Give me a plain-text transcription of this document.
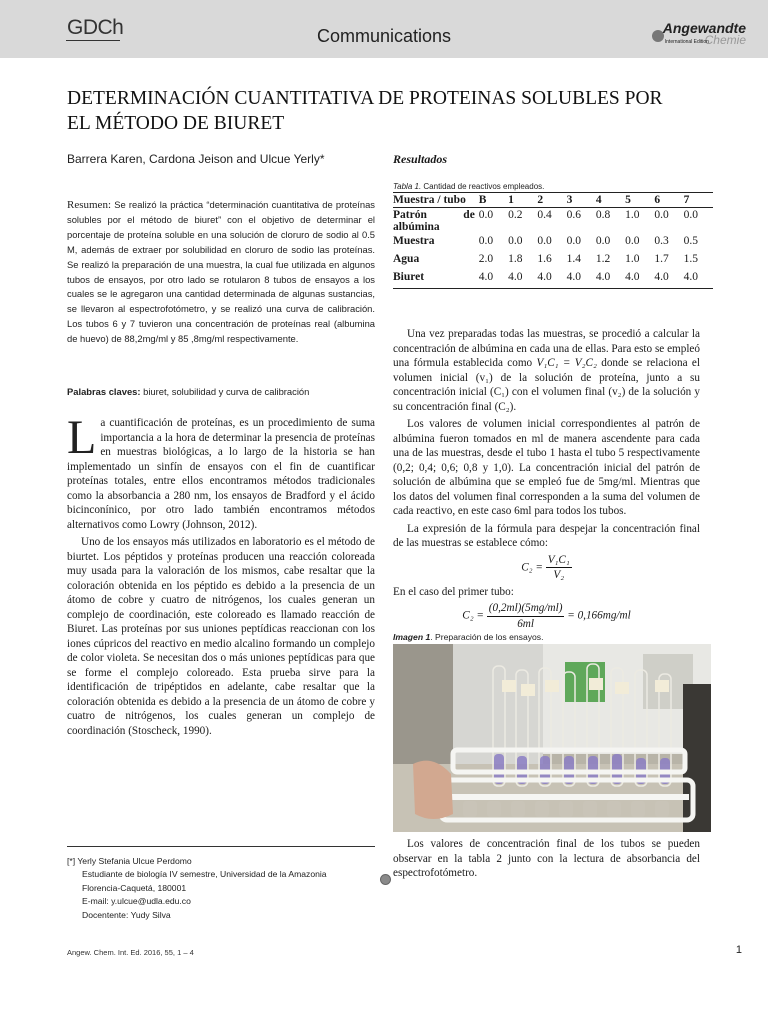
GDCh	Communications	Angewandte
International Edition
Chemie
DETERMINACIÓN CUANTITATIVA DE PROTEINAS SOLUBLES POR
EL MÉTODO DE BIURET
Barrera Karen, Cardona Jeison and Ulcue Yerly*
Resumen: Se realizó la práctica “determinación cuantitativa de proteínas solubles por el método de biuret” con el objetivo de determinar el porcentaje de proteína soluble en una solución de cloruro de sodio al 0.5 M, además de extraer por solubilidad en cloruro de sodio las proteínas. Se realizó la preparación de una muestra, la cual fue utilizada en algunos tubos de ensayos, por otro lado se rotularon 8 tubos de ensayos a los cuales se le agregaron una cantidad determinada de algunas sustancias, se llevaron al espectrofotómetro, y se realizó una curva de calibración. Los tubos 6 y 7 tuvieron una concentración de proteínas real (albumina de huevo) de 88,2mg/ml y 85 ,8mg/ml respectivamente.
Palabras claves: biuret, solubilidad y curva de calibración
L a cuantificación de proteínas, es un procedimiento de suma importancia a la hora de determinar la presencia de proteínas en muestras biológicas, a lo largo de la historia se han implementado un sinfín de ensayos con el fin de cuantificar proteínas totales, entre ellos encontramos métodos tradicionales como la absorbancia a 280 nm, los ensayos de Bradford y el ácido bicinconínico, por otro lado también encontramos métodos alternativos como Lowry (Johnson, 2012).
Uno de los ensayos más utilizados en laboratorio es el método de biurtet. Los péptidos y proteínas producen una reacción coloreada muy usada para la valoración de los mismos, cabe resaltar que la coloración obtenida en los péptido es debido a la presencia de un átomo de cobre y cuatro de nitrógenos, los cuales generan un complejo de coordinación, este coloreado es llamado reacción de Biuret. Las proteínas por sus uniones peptídicas reaccionan con los iones cúpricos del reactivo en medio alcalino formando un complejo de color violeta. Se necesitan dos o más uniones peptídicas para que se forme el complejo coloreado. Esta prueba sirve para la identificación de tripéptidos en adelante, cabe resaltar que la coloración obtenida es debido a la presencia de un átomo de cobre y cuatro de nitrógenos, los cuales generan un complejo de coordinación (Stoscheck, 1990).
[*] Yerly Stefania Ulcue Perdomo
Estudiante de biología IV semestre, Universidad de la Amazonia
Florencia-Caquetá, 180001
E-mail: y.ulcue@udla.edu.co
Docentente: Yudy Silva
Resultados
Tabla 1. Cantidad de reactivos empleados.
Muestra / tubo	B	1	2	3	4	5	6	7
Patrón de
albúmina	0.0	0.2	0.4	0.6	0.8	1.0	0.0	0.0
Muestra	0.0	0.0	0.0	0.0	0.0	0.0	0.3	0.5
Agua	2.0	1.8	1.6	1.4	1.2	1.0	1.7	1.5
Biuret	4.0	4.0	4.0	4.0	4.0	4.0	4.0	4.0
Una vez preparadas todas las muestras, se procedió a calcular la concentración de albúmina en cada una de ellas. Para esto se empleó una fórmula establecida como V₁C₁ = V₂C₂ donde se relaciona el volumen inicial (v₁) de la solución de proteína, junto a su concentración inicial (C₁) con el volumen final (v₂) de la solución y su concentración final (C₂).
Los valores de volumen inicial correspondientes al patrón de albúmina fueron tomados en ml de manera ascendente para cada una de las muestras, desde el tubo 1 hasta el tubo 5 respectivamente (0,2; 0,4; 0,6; 0,8 y 1,0). La concentración inicial del patrón de solución de albúmina que se empleó fue de 5mg/ml. Mientras que los datos del volumen final corresponden a la suma del volumen de cada reactivo, en este caso 6ml para todos los tubos.
La expresión de la fórmula para despejar la concentración final de las muestras se establece cómo:
$C_2 = \frac{\text{V₁C₁}}{\text{V₂}}$
En el caso del primer tubo:
$C_2 = \frac{(0,2ml)(5mg/ml)}{6ml} = 0,166mg/ml$
Imagen 1. Preparación de los ensayos.
Los valores de concentración final de los tubos se pueden observar en la tabla 2 junto con la lectura de absorbancia del espectrofotómetro.
Angew. Chem. Int. Ed. 2016, 55, 1 – 4	1
